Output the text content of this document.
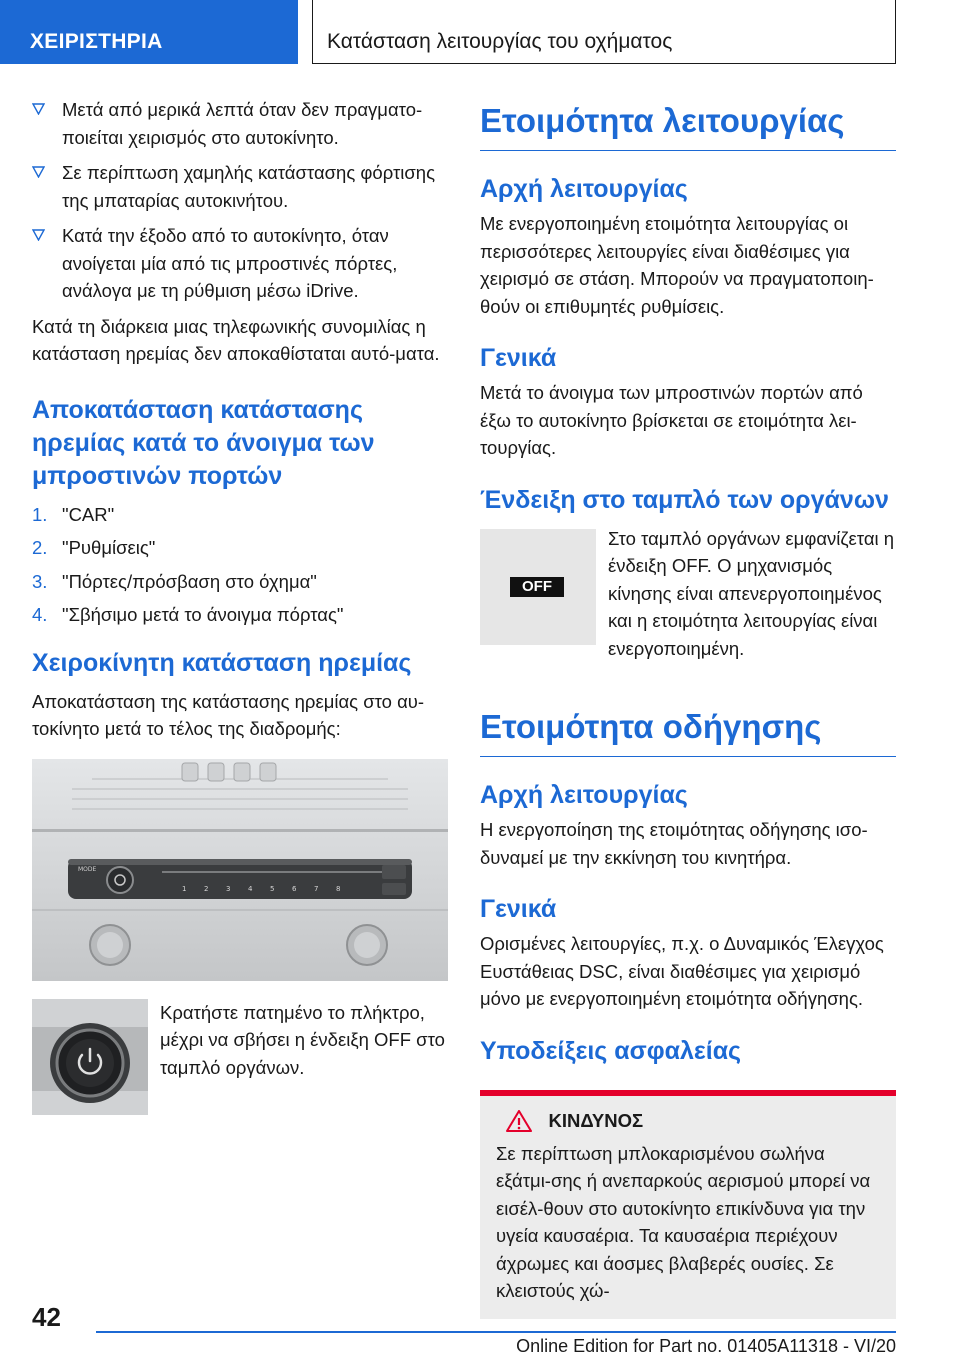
ΧΕΙΡΙΣΤΗΡΙΑ	Κατάσταση λειτουργίας του οχήματος
Μετά από μερικά λεπτά όταν δεν πραγματο‐ποιείται χειρισμός στο αυτοκίνητο.
Σε περίπτωση χαμηλής κατάστασης φόρτισης της μπαταρίας αυτοκινήτου.
Κατά την έξοδο από το αυτοκίνητο, όταν ανοίγεται μία από τις μπροστινές πόρτες, ανάλογα με τη ρύθμιση μέσω iDrive.

Κατά τη διάρκεια μιας τηλεφωνικής συνομιλίας η κατάσταση ηρεμίας δεν αποκαθίσταται αυτό‐ματα.

Αποκατάσταση κατάστασης ηρεμίας κατά το άνοιγμα των μπροστινών πορτών
1. "CAR"
2. "Ρυθμίσεις"
3. "Πόρτες/πρόσβαση στο όχημα"
4. "Σβήσιμο μετά το άνοιγμα πόρτας"
Χειροκίνητη κατάσταση ηρεμίας

Αποκατάσταση της κατάστασης ηρεμίας στο αυ‐τοκίνητο μετά το τέλος της διαδρομής:

MODE
1	2	3	4	5	6	7	8

Κρατήστε πατημένο το πλήκτρο, μέχρι να σβήσει η ένδειξη OFF στο ταμπλό οργάνων.

Ετοιμότητα λειτουργίας
Αρχή λειτουργίας

Με ενεργοποιημένη ετοιμότητα λειτουργίας οι περισσότερες λειτουργίες είναι διαθέσιμες για χειρισμό σε στάση. Μπορούν να πραγματοποιη‐θούν οι επιθυμητές ρυθμίσεις.

Γενικά

Μετά το άνοιγμα των μπροστινών πορτών από έξω το αυτοκίνητο βρίσκεται σε ετοιμότητα λει‐τουργίας.

Ένδειξη στο ταμπλό των οργάνων
OFF

Στο ταμπλό οργάνων εμφανίζεται η ένδειξη OFF. Ο μηχανισμός κίνησης είναι απενεργοποιημένος και η ετοιμότητα λειτουργίας είναι ενεργοποιημένη.

Ετοιμότητα οδήγησης
Αρχή λειτουργίας

Η ενεργοποίηση της ετοιμότητας οδήγησης ισο‐δυναμεί με την εκκίνηση του κινητήρα.

Γενικά

Ορισμένες λειτουργίες, π.χ. ο Δυναμικός Έλεγχος Ευστάθειας DSC, είναι διαθέσιμες για χειρισμό μόνο με ενεργοποιημένη ετοιμότητα οδήγησης.

Υποδείξεις ασφαλείας
ΚΙΝΔΥΝΟΣ

Σε περίπτωση μπλοκαρισμένου σωλήνα εξάτμι‐σης ή ανεπαρκούς αερισμού μπορεί να εισέλ‐θουν στο αυτοκίνητο επικίνδυνα για την υγεία καυσαέρια. Τα καυσαέρια περιέχουν άχρωμες και άοσμες βλαβερές ουσίες. Σε κλειστούς χώ‐

42
Online Edition for Part no. 01405A11318 - VI/20
